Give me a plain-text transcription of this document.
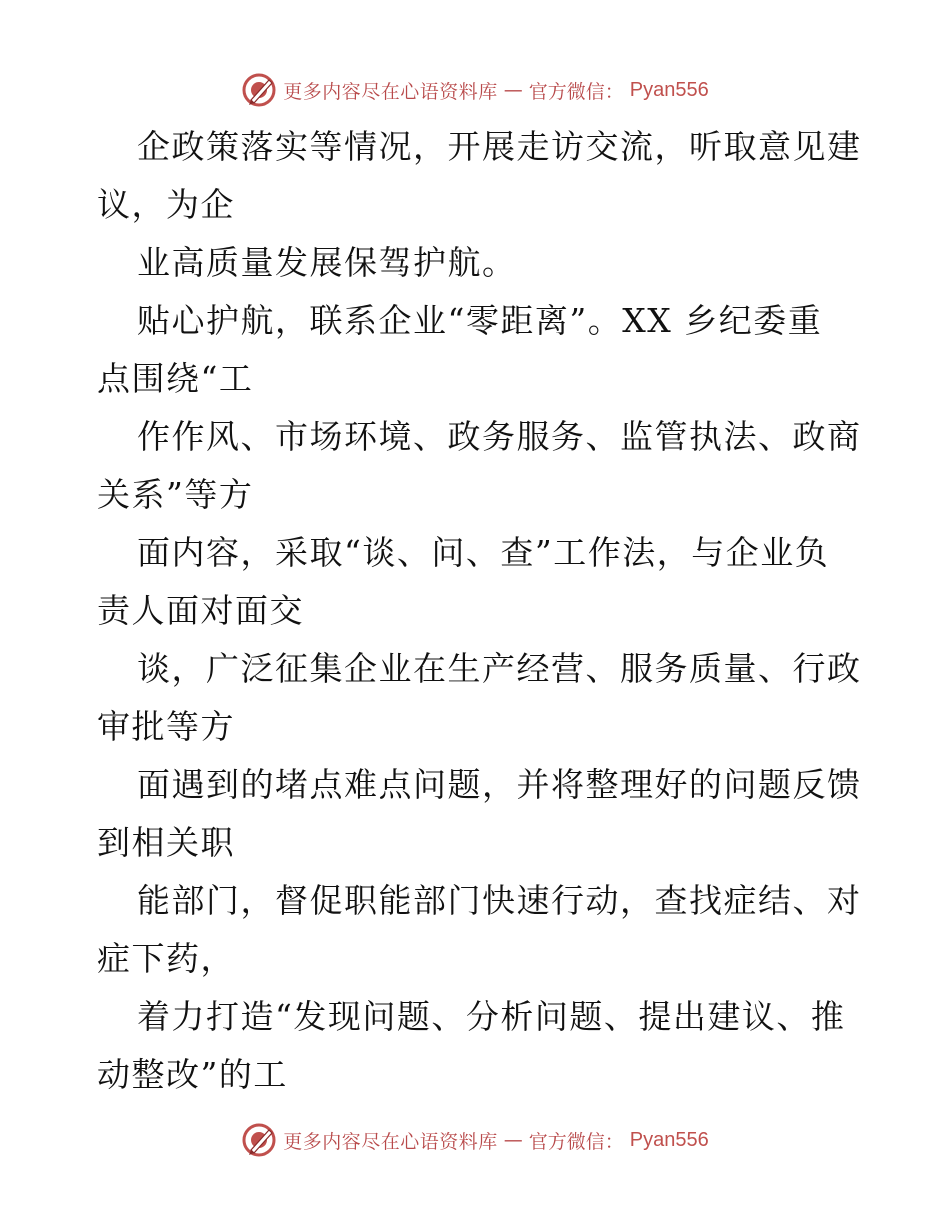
更多内容尽在心语资料库 — 官方微信： Pyan556
企政策落实等情况，开展走访交流，听取意见建
议，为企
业高质量发展保驾护航。
贴心护航，联系企业“零距离”。XX 乡纪委重
点围绕“工
作作风、市场环境、政务服务、监管执法、政商
关系”等方
面内容，采取“谈、问、查”工作法，与企业负
责人面对面交
谈，广泛征集企业在生产经营、服务质量、行政
审批等方
面遇到的堵点难点问题，并将整理好的问题反馈
到相关职
能部门，督促职能部门快速行动，查找症结、对
症下药，
着力打造“发现问题、分析问题、提出建议、推
动整改”的工
更多内容尽在心语资料库 — 官方微信： Pyan556
